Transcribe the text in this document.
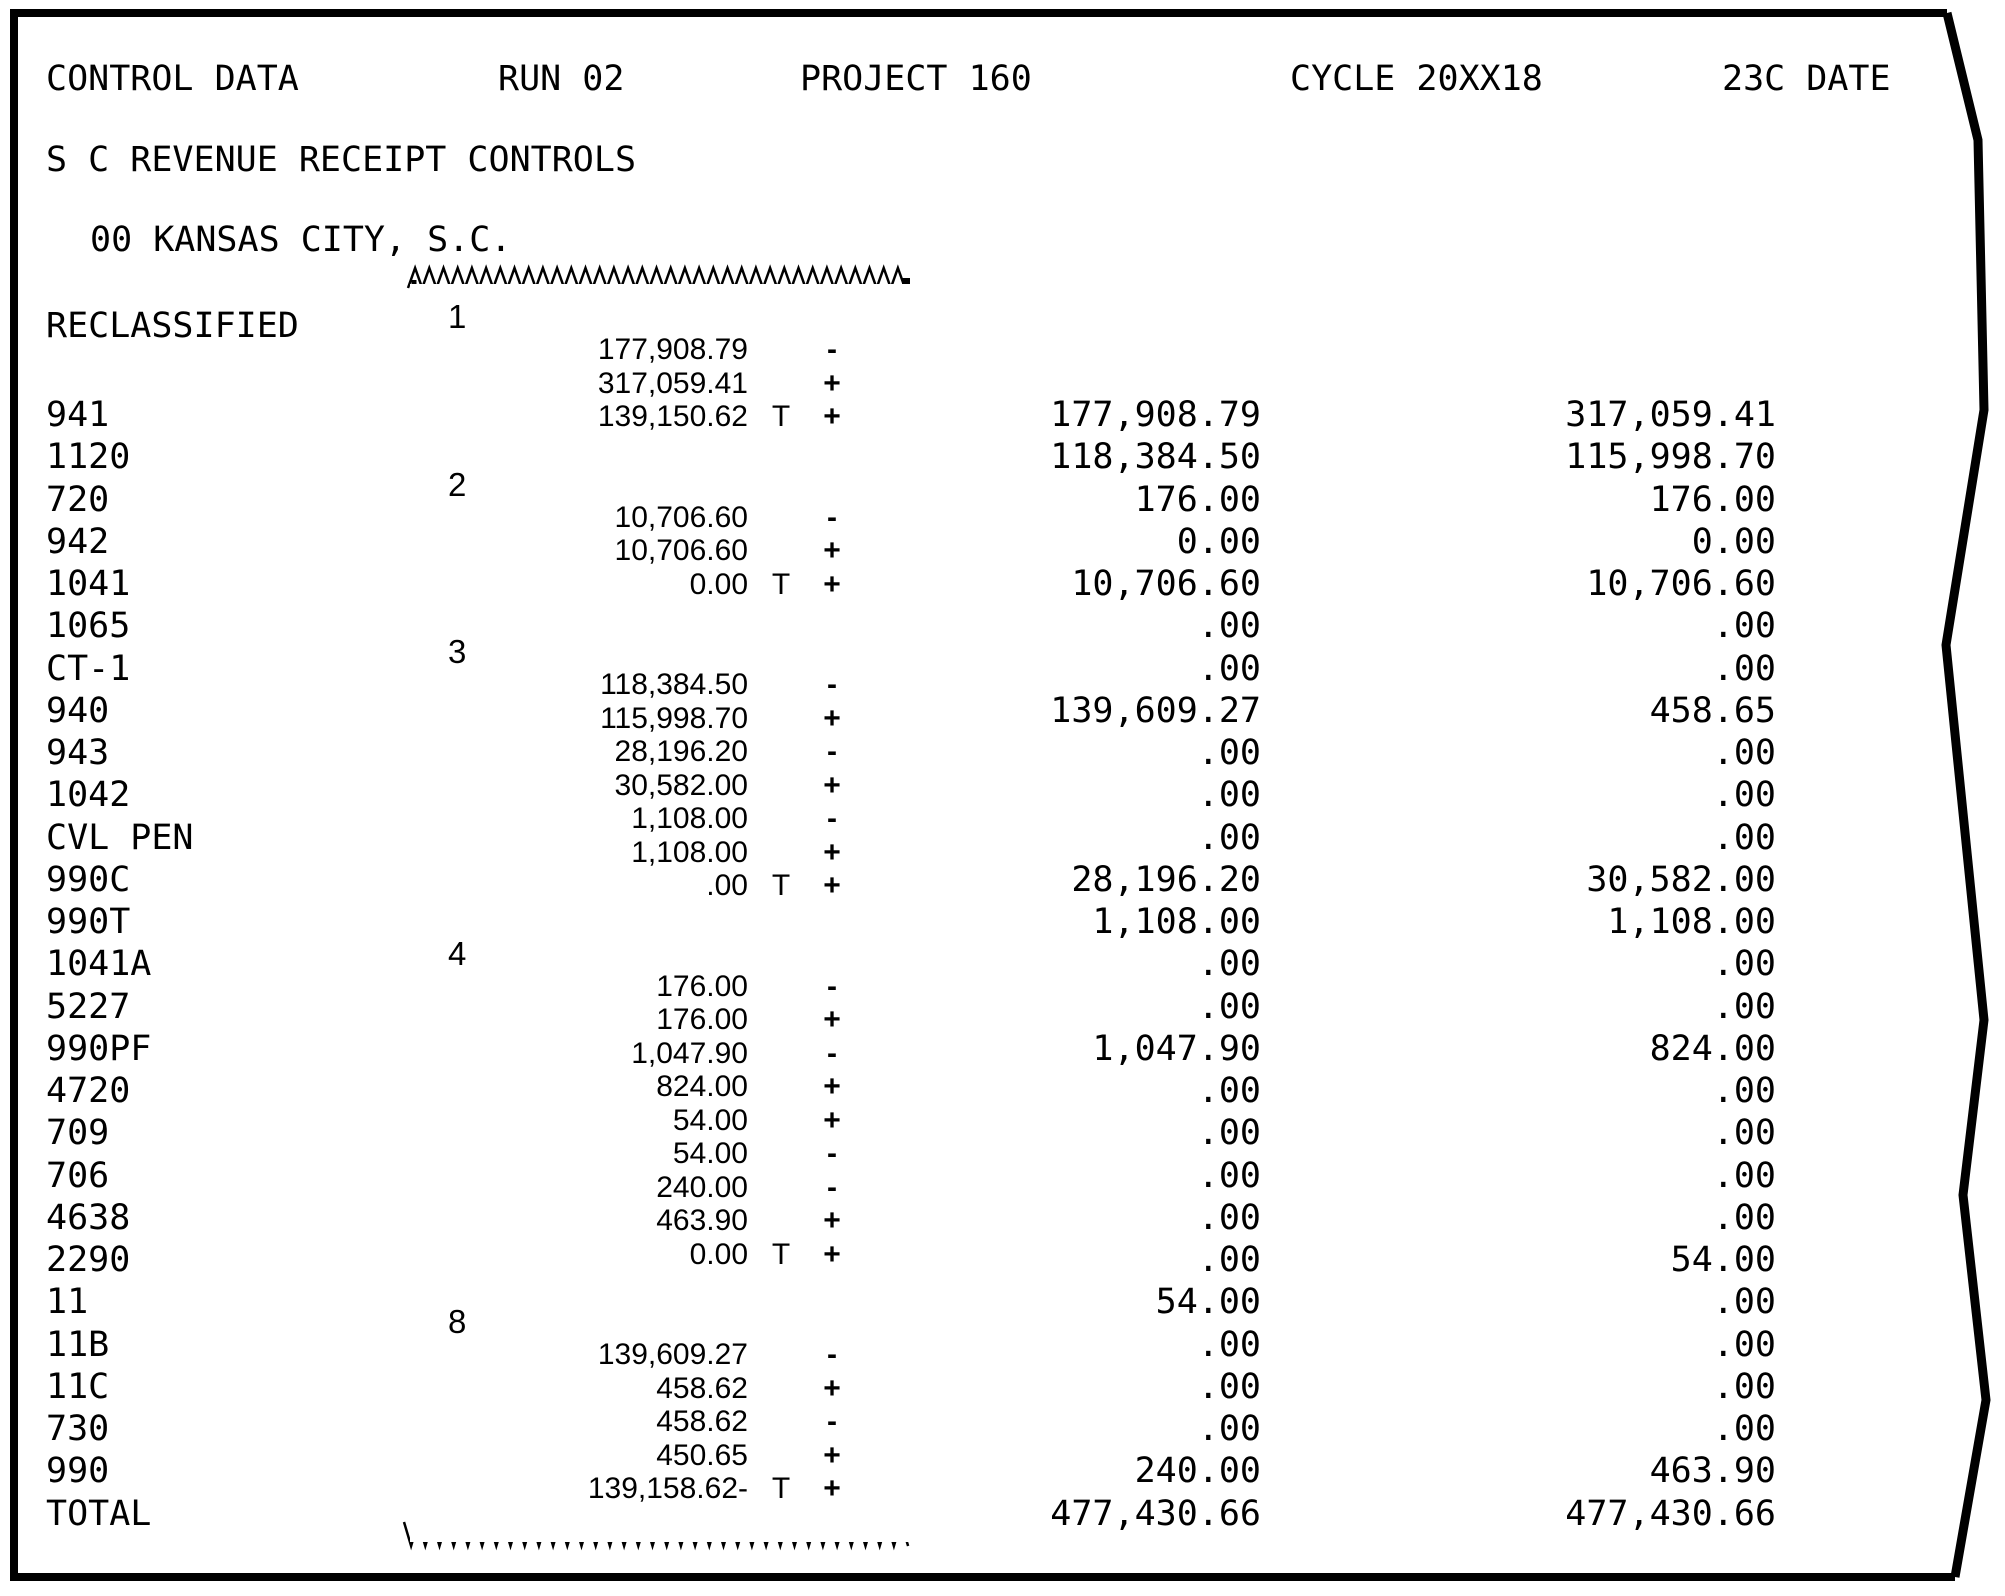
CONTROL DATA	RUN 02	PROJECT 160	CYCLE 20XX18	23C DATE
S C REVENUE RECEIPT CONTROLS
00 KANSAS CITY, S.C.
RECLASSIFIED
941	177,908.79	317,059.41
1120	118,384.50	115,998.70
720	176.00	176.00
942	0.00	0.00
1041	10,706.60	10,706.60
1065	.00	.00
CT-1	.00	.00
940	139,609.27	458.65
943	.00	.00
1042	.00	.00
CVL PEN	.00	.00
990C	28,196.20	30,582.00
990T	1,108.00	1,108.00
1041A	.00	.00
5227	.00	.00
990PF	1,047.90	824.00
4720	.00	.00
709	.00	.00
706	.00	.00
4638	.00	.00
2290	.00	54.00
11	54.00	.00
11B	.00	.00
11C	.00	.00
730	.00	.00
990	240.00	463.90
TOTAL	477,430.66	477,430.66
1
177,908.79	-
317,059.41	+
139,150.62 T	+
2
10,706.60	-
10,706.60	+
0.00 T	+
3
118,384.50	-
115,998.70	+
28,196.20	-
30,582.00	+
1,108.00	-
1,108.00	+
.00 T	+
4
176.00	-
176.00	+
1,047.90	-
824.00	+
54.00	+
54.00	-
240.00	-
463.90	+
0.00 T	+
8
139,609.27	-
458.62	+
458.62	-
450.65	+
139,158.62- T	+
